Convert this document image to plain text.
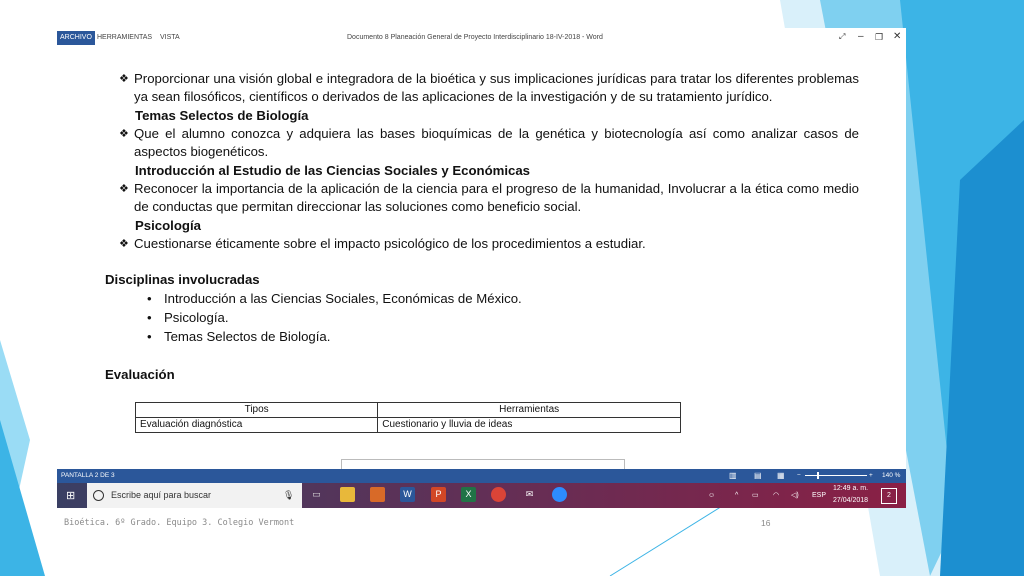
ARCHIVO HERRAMIENTAS VISTA	Documento 8 Planeación General de Proyecto Interdisciplinario 18-IV-2018 - Word	⤢ – ❐ ✕
❖ Proporcionar una visión global e integradora de la bioética y sus implicaciones jurídicas para tratar los diferentes problemas ya sean filosóficos, científicos o derivados de las aplicaciones de la investigación y de su tratamiento jurídico.
Temas Selectos de Biología
❖ Que el alumno conozca y adquiera las bases bioquímicas de la genética y biotecnología así como analizar casos de aspectos biogenéticos.
Introducción al Estudio de las Ciencias Sociales y Económicas
❖ Reconocer la importancia de la aplicación de la ciencia para el progreso de la humanidad, Involucrar a la ética como medio de conductas que permitan direccionar las soluciones como beneficio social.
Psicología
❖ Cuestionarse éticamente sobre el impacto psicológico de los procedimientos a estudiar.
Disciplinas involucradas
• Introducción a las Ciencias Sociales, Económicas de México.
• Psicología.
• Temas Selectos de Biología.
Evaluación
Tipos	Herramientas
Evaluación diagnóstica	Cuestionario y lluvia de ideas
PANTALLA 2 DE 3	▥ ▤ ▦ −	+ 140 %
⊞	Escribe aquí para buscar	🎙	▭	W	P	X	✉	☺	^ ▭ ◠ ◁) ESP
12:49 a. m.
27/04/2018
2
Bioética. 6º Grado. Equipo 3. Colegio Vermont	16
